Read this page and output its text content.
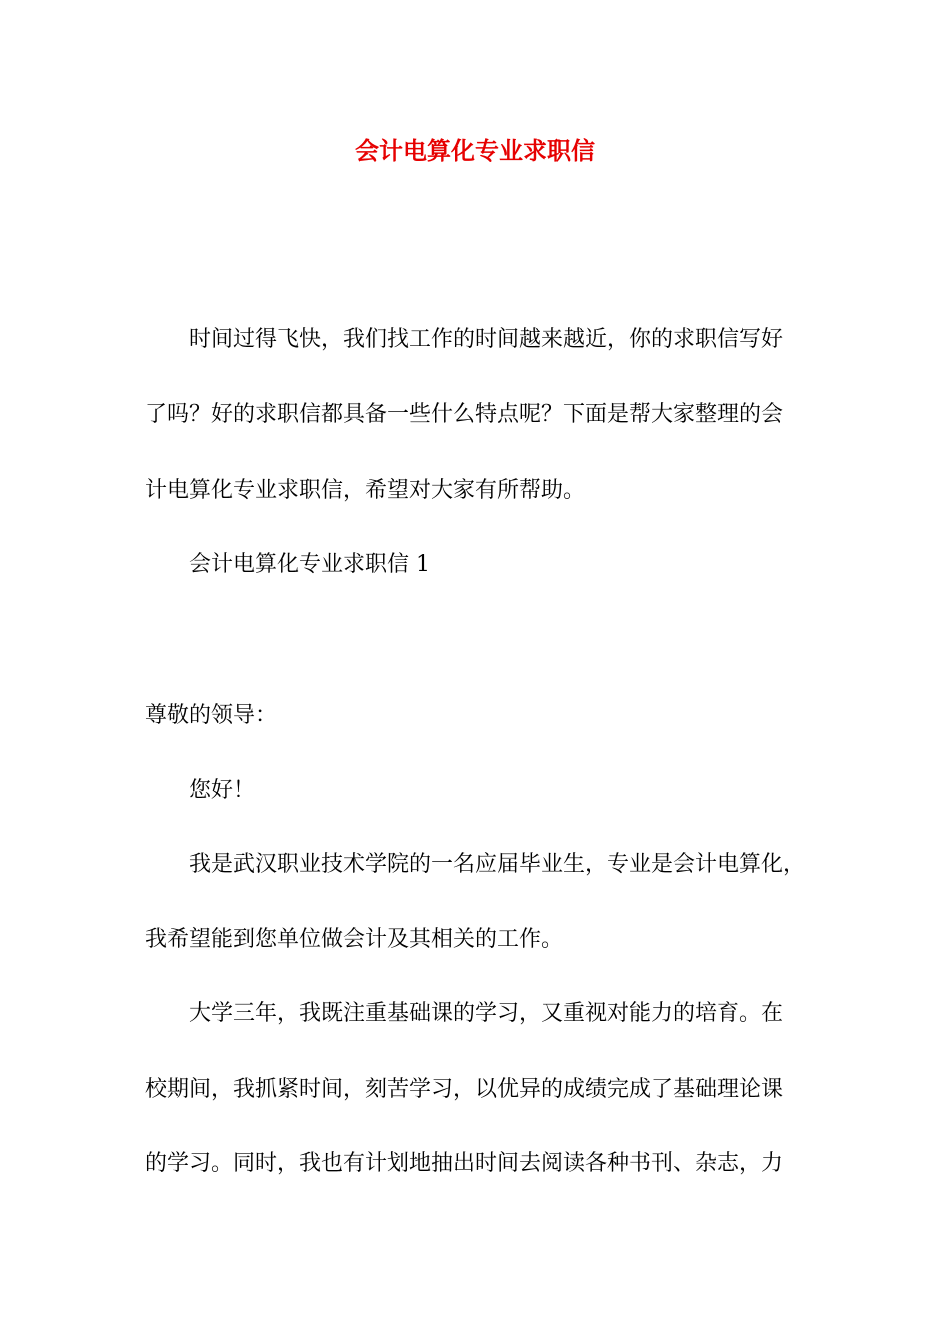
会计电算化专业求职信
时间过得飞快，我们找工作的时间越来越近，你的求职信写好
了吗？好的求职信都具备一些什么特点呢？下面是帮大家整理的会
计电算化专业求职信，希望对大家有所帮助。
会计电算化专业求职信 1
尊敬的领导：
您好！
我是武汉职业技术学院的一名应届毕业生，专业是会计电算化，
我希望能到您单位做会计及其相关的工作。
大学三年，我既注重基础课的学习，又重视对能力的培育。在
校期间，我抓紧时间，刻苦学习，以优异的成绩完成了基础理论课
的学习。同时，我也有计划地抽出时间去阅读各种书刊、杂志，力
